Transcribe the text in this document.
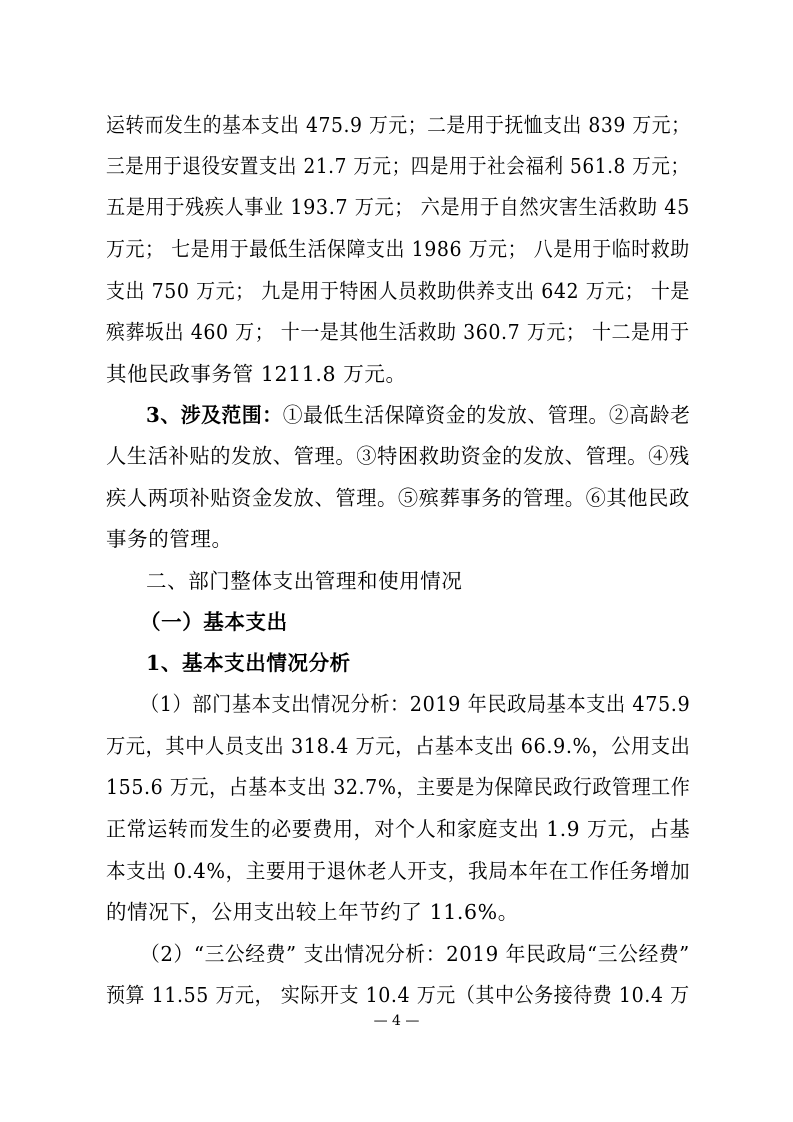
运转而发生的基本支出 475.9 万元；二是用于抚恤支出 839 万元；
三是用于退役安置支出 21.7 万元；四是用于社会福利 561.8 万元；
五是用于残疾人事业 193.7 万元； 六是用于自然灾害生活救助 45
万元； 七是用于最低生活保障支出 1986 万元； 八是用于临时救助
支出 750 万元； 九是用于特困人员救助供养支出 642 万元； 十是
殡葬坂出 460 万； 十一是其他生活救助 360.7 万元； 十二是用于
其他民政事务管 1211.8 万元。
3、涉及范围：①最低生活保障资金的发放、管理。②高龄老
人生活补贴的发放、管理。③特困救助资金的发放、管理。④残
疾人两项补贴资金发放、管理。⑤殡葬事务的管理。⑥其他民政
事务的管理。
二、部门整体支出管理和使用情况
（一）基本支出
1、基本支出情况分析
（1）部门基本支出情况分析：2019 年民政局基本支出 475.9
万元，其中人员支出 318.4 万元，占基本支出 66.9.%，公用支出
155.6 万元，占基本支出 32.7%，主要是为保障民政行政管理工作
正常运转而发生的必要费用，对个人和家庭支出 1.9 万元，占基
本支出 0.4%，主要用于退休老人开支，我局本年在工作任务增加
的情况下，公用支出较上年节约了 11.6%。
（2）“三公经费” 支出情况分析：2019 年民政局“三公经费”
预算 11.55 万元， 实际开支 10.4 万元（其中公务接待费 10.4 万
— 4 —
